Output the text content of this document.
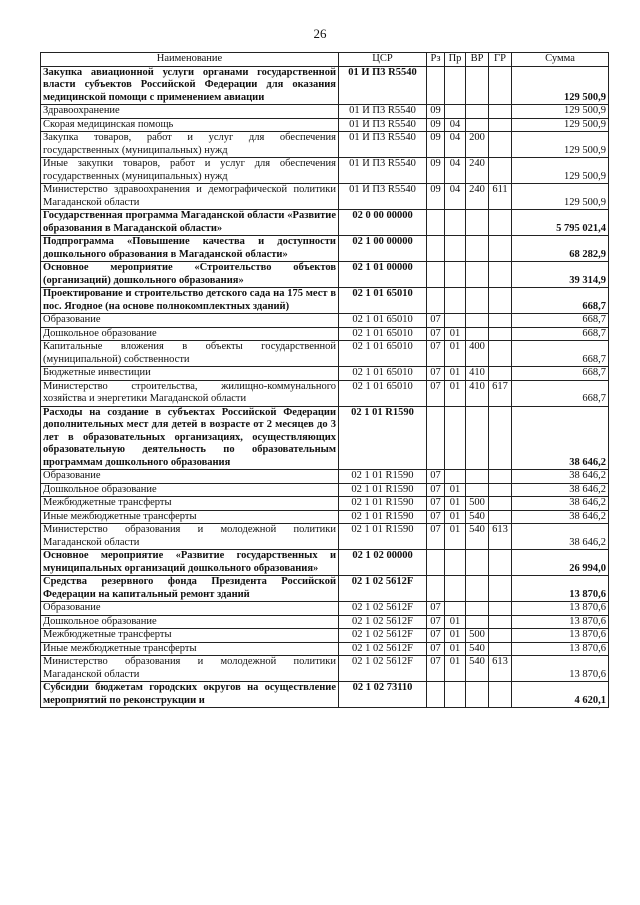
26
Наименование	ЦСР	Рз	Пр	ВР	ГР	Сумма
Закупка авиационной услуги органами государственной власти субъектов Российской Федерации для оказания медицинской помощи с применением авиации	01 И П3 R5540					129 500,9
Здравоохранение	01 И П3 R5540	09				129 500,9
Скорая медицинская помощь	01 И П3 R5540	09	04			129 500,9
Закупка товаров, работ и услуг для обеспечения государственных (муниципальных) нужд	01 И П3 R5540	09	04	200		129 500,9
Иные закупки товаров, работ и услуг для обеспечения государственных (муниципальных) нужд	01 И П3 R5540	09	04	240		129 500,9
Министерство здравоохранения и демографической политики Магаданской области	01 И П3 R5540	09	04	240	611	129 500,9
Государственная программа Магаданской области «Развитие образования в Магаданской области»	02 0 00 00000					5 795 021,4
Подпрограмма «Повышение качества и доступности дошкольного образования в Магаданской области»	02 1 00 00000					68 282,9
Основное мероприятие «Строительство объектов (организаций) дошкольного образования»	02 1 01 00000					39 314,9
Проектирование и строительство детского сада на 175 мест в пос. Ягодное (на основе полнокомплектных зданий)	02 1 01 65010					668,7
Образование	02 1 01 65010	07				668,7
Дошкольное образование	02 1 01 65010	07	01			668,7
Капитальные вложения в объекты государственной (муниципальной) собственности	02 1 01 65010	07	01	400		668,7
Бюджетные инвестиции	02 1 01 65010	07	01	410		668,7
Министерство строительства, жилищно-коммунального хозяйства и энергетики Магаданской области	02 1 01 65010	07	01	410	617	668,7
Расходы на создание в субъектах Российской Федерации дополнительных мест для детей в возрасте от 2 месяцев до 3 лет в образовательных организациях, осуществляющих образовательную деятельность по образовательным программам дошкольного образования	02 1 01 R1590					38 646,2
Образование	02 1 01 R1590	07				38 646,2
Дошкольное образование	02 1 01 R1590	07	01			38 646,2
Межбюджетные трансферты	02 1 01 R1590	07	01	500		38 646,2
Иные межбюджетные трансферты	02 1 01 R1590	07	01	540		38 646,2
Министерство образования и молодежной политики Магаданской области	02 1 01 R1590	07	01	540	613	38 646,2
Основное мероприятие «Развитие государственных и муниципальных организаций дошкольного образования»	02 1 02 00000					26 994,0
Средства резервного фонда Президента Российской Федерации на капитальный ремонт зданий	02 1 02 5612F					13 870,6
Образование	02 1 02 5612F	07				13 870,6
Дошкольное образование	02 1 02 5612F	07	01			13 870,6
Межбюджетные трансферты	02 1 02 5612F	07	01	500		13 870,6
Иные межбюджетные трансферты	02 1 02 5612F	07	01	540		13 870,6
Министерство образования и молодежной политики Магаданской области	02 1 02 5612F	07	01	540	613	13 870,6
Субсидии бюджетам городских округов на осуществление мероприятий по реконструкции и	02 1 02 73110					4 620,1
